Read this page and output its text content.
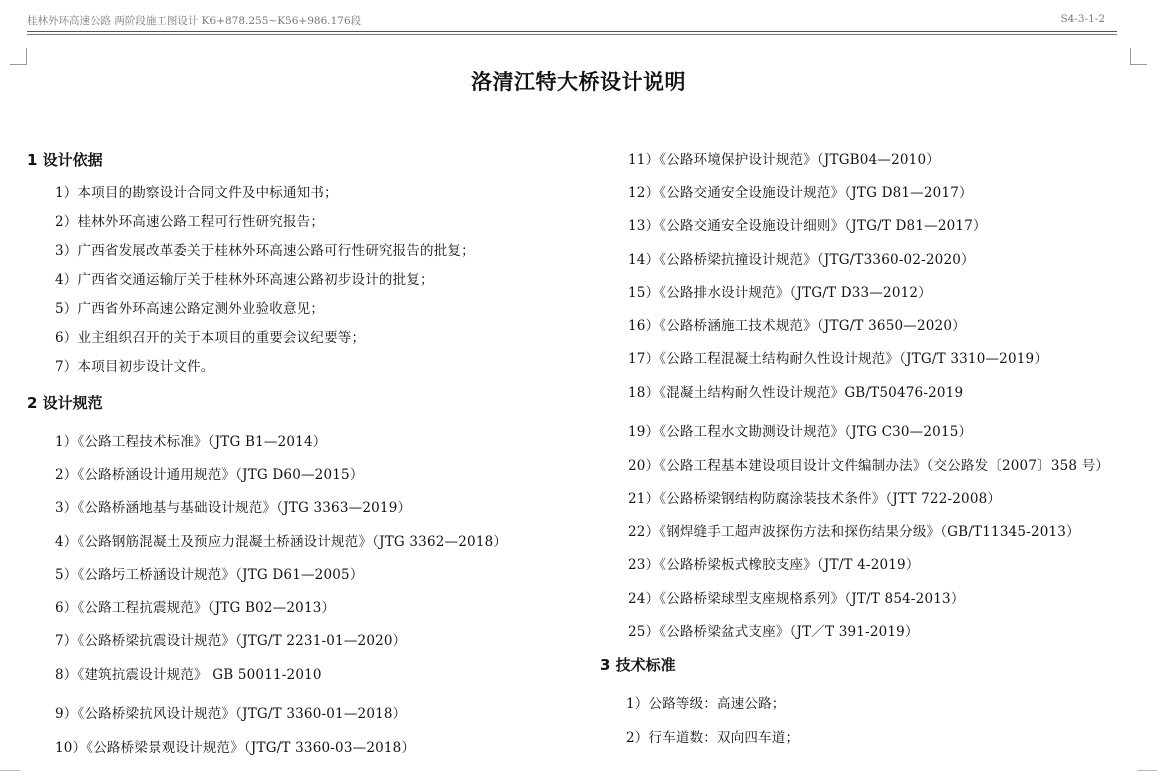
桂林外环高速公路 两阶段施工图设计 K6+878.255~K56+986.176段	S4-3-1-2
洛清江特大桥设计说明
1 设计依据
1）本项目的勘察设计合同文件及中标通知书；
2）桂林外环高速公路工程可行性研究报告；
3）广西省发展改革委关于桂林外环高速公路可行性研究报告的批复；
4）广西省交通运输厅关于桂林外环高速公路初步设计的批复；
5）广西省外环高速公路定测外业验收意见；
6）业主组织召开的关于本项目的重要会议纪要等；
7）本项目初步设计文件。
2 设计规范
1）《公路工程技术标准》（JTG B1—2014）
2）《公路桥涵设计通用规范》（JTG D60—2015）
3）《公路桥涵地基与基础设计规范》（JTG 3363—2019）
4）《公路钢筋混凝土及预应力混凝土桥涵设计规范》（JTG 3362—2018）
5）《公路圬工桥涵设计规范》（JTG D61—2005）
6）《公路工程抗震规范》（JTG B02—2013）
7）《公路桥梁抗震设计规范》（JTG/T 2231-01—2020）
8）《建筑抗震设计规范》 GB 50011-2010
9）《公路桥梁抗风设计规范》（JTG/T 3360-01—2018）
10）《公路桥梁景观设计规范》（JTG/T 3360-03—2018）
11）《公路环境保护设计规范》（JTGB04—2010）
12）《公路交通安全设施设计规范》（JTG D81—2017）
13）《公路交通安全设施设计细则》（JTG/T D81—2017）
14）《公路桥梁抗撞设计规范》（JTG/T3360-02-2020）
15）《公路排水设计规范》（JTG/T D33—2012）
16）《公路桥涵施工技术规范》（JTG/T 3650—2020）
17）《公路工程混凝土结构耐久性设计规范》（JTG/T 3310—2019）
18）《混凝土结构耐久性设计规范》GB/T50476-2019
19）《公路工程水文勘测设计规范》（JTG C30—2015）
20）《公路工程基本建设项目设计文件编制办法》（交公路发〔2007〕358 号）
21）《公路桥梁钢结构防腐涂装技术条件》（JTT 722-2008）
22）《钢焊缝手工超声波探伤方法和探伤结果分级》（GB/T11345-2013）
23）《公路桥梁板式橡胶支座》（JT/T 4-2019）
24）《公路桥梁球型支座规格系列》（JT/T 854-2013）
25）《公路桥梁盆式支座》（JT／T 391-2019）
3 技术标准
1）公路等级：高速公路；
2）行车道数：双向四车道；
